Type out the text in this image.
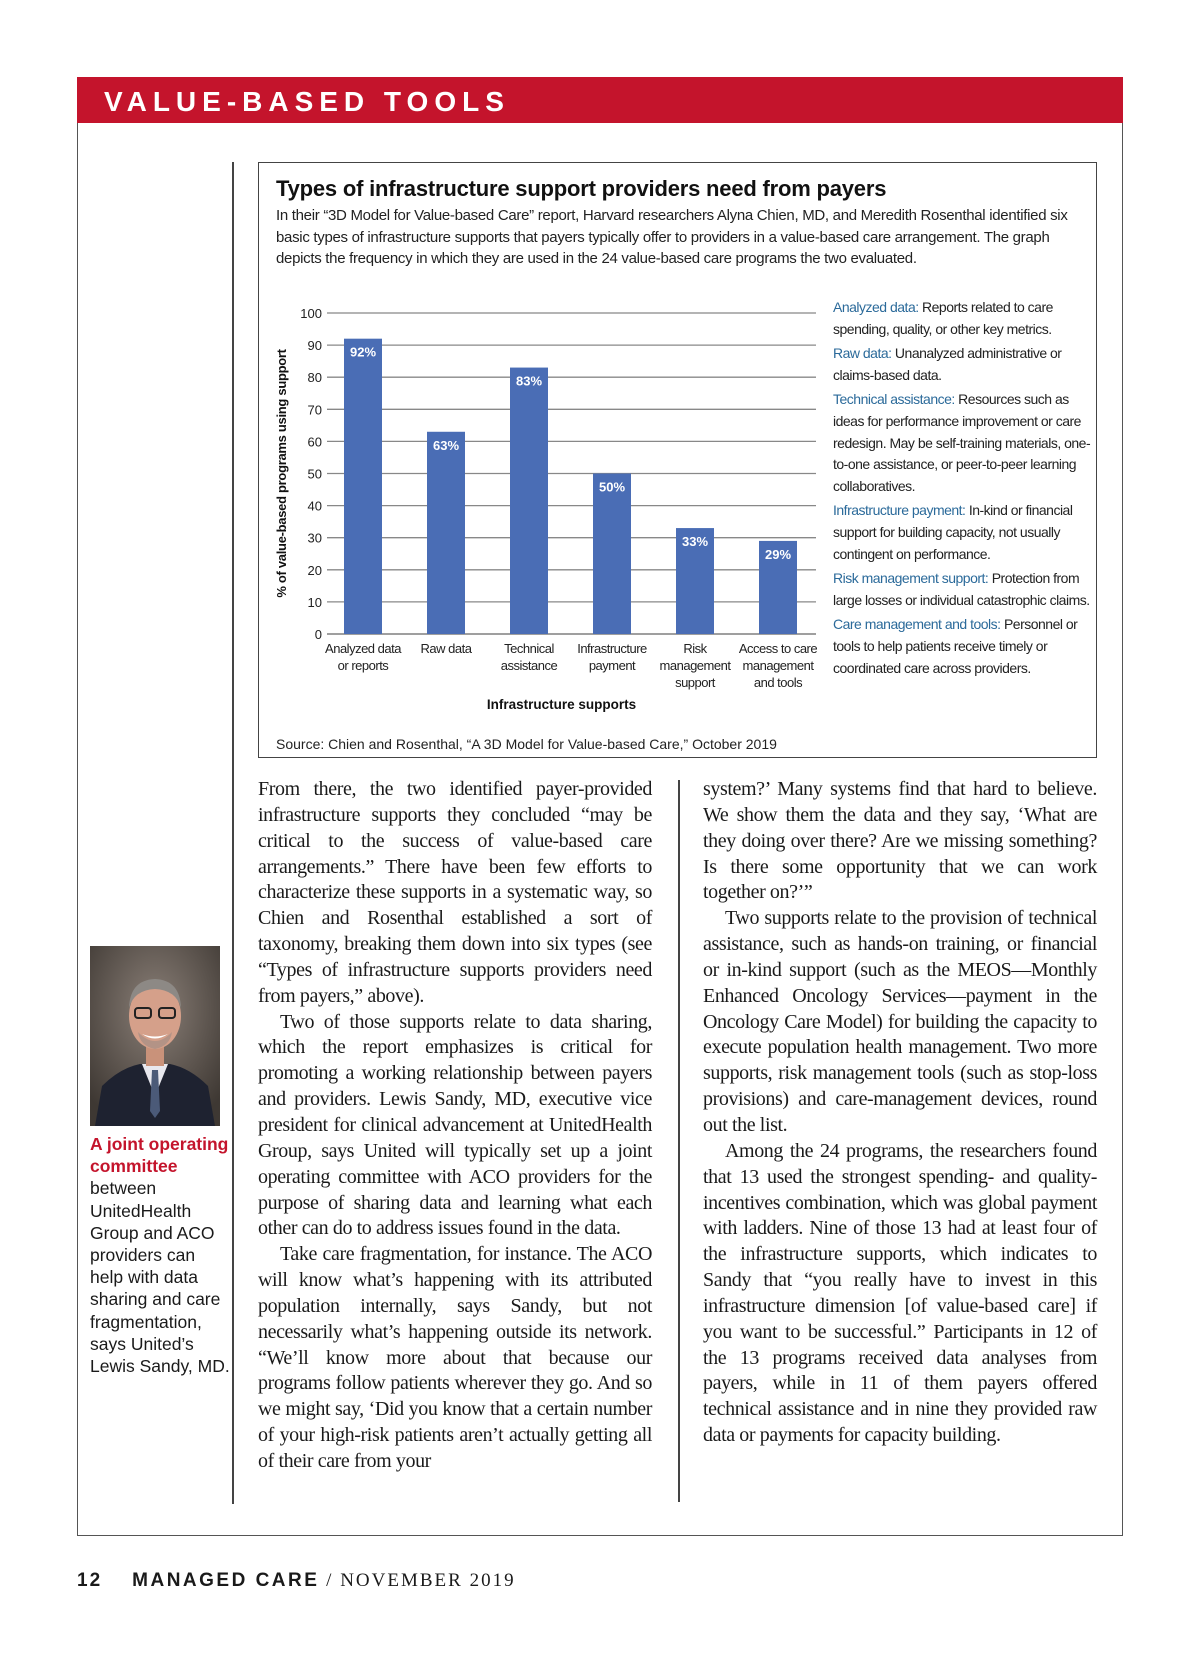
VALUE-BASED TOOLS
0
10
20
30
40
50
60
70
80
90
100
92%
Analyzed data
or reports
63%
Raw data
83%
Technical
assistance
50%
Infrastructure
payment
33%
Risk
management
support
29%
Access to care
management
and tools
Infrastructure supports
% of value-based programs using support
Types of infrastructure support providers need from payers
In their “3D Model for Value-based Care” report, Harvard researchers Alyna Chien, MD, and Meredith Rosenthal identified six basic types of infrastructure supports that payers typically offer to providers in a value-based care arrangement. The graph depicts the frequency in which they are used in the 24 value-based care programs the two evaluated.
Analyzed data: Reports related to care spending, quality, or other key metrics.
Raw data: Unanalyzed administrative or claims-based data.
Technical assistance: Resources such as ideas for performance improvement or care redesign. May be self-training materials, one-to-one assistance, or peer-to-peer learning collaboratives.
Infrastructure payment: In-kind or financial support for building capacity, not usually contingent on performance.
Risk management support: Protection from large losses or individual catastrophic claims.
Care management and tools: Personnel or tools to help patients receive timely or coordinated care across providers.
Source: Chien and Rosenthal, “A 3D Model for Value-based Care,” October 2019

From there, the two identified payer-provided infrastructure supports they concluded “may be critical to the success of value-based care arrangements.” There have been few efforts to characterize these supports in a systematic way, so Chien and Rosenthal established a sort of taxonomy, breaking them down into six types (see “Types of infrastructure supports providers need from payers,” above).

Two of those supports relate to data sharing, which the report emphasizes is critical for promoting a working relationship between payers and providers. Lewis Sandy, MD, executive vice president for clinical advancement at UnitedHealth Group, says United will typically set up a joint operating committee with ACO providers for the purpose of sharing data and learning what each other can do to address issues found in the data.

Take care fragmentation, for instance. The ACO will know what’s happening with its attributed population internally, says Sandy, but not necessarily what’s happening outside its network. “We’ll know more about that because our programs follow patients wherever they go. And so we might say, ‘Did you know that a certain number of your high-risk patients aren’t actually getting all of their care from your

system?’ Many systems find that hard to believe. We show them the data and they say, ‘What are they doing over there? Are we missing something? Is there some opportunity that we can work together on?’”

Two supports relate to the provision of technical assistance, such as hands-on training, or financial or in-kind support (such as the MEOS—Monthly Enhanced Oncology Services—payment in the Oncology Care Model) for building the capacity to execute population health management. Two more supports, risk management tools (such as stop-loss provisions) and care-management devices, round out the list.

Among the 24 programs, the researchers found that 13 used the strongest spending- and quality-incentives combination, which was global payment with ladders. Nine of those 13 had at least four of the infrastructure supports, which indicates to Sandy that “you really have to invest in this infrastructure dimension [of value-based care] if you want to be successful.” Participants in 12 of the 13 programs received data analyses from payers, while in 11 of them payers offered technical assistance and in nine they provided raw data or payments for capacity building.

A joint operating committee between UnitedHealth Group and ACO providers can help with data sharing and care fragmentation, says United’s Lewis Sandy, MD.
12 MANAGED CARE / NOVEMBER 2019
